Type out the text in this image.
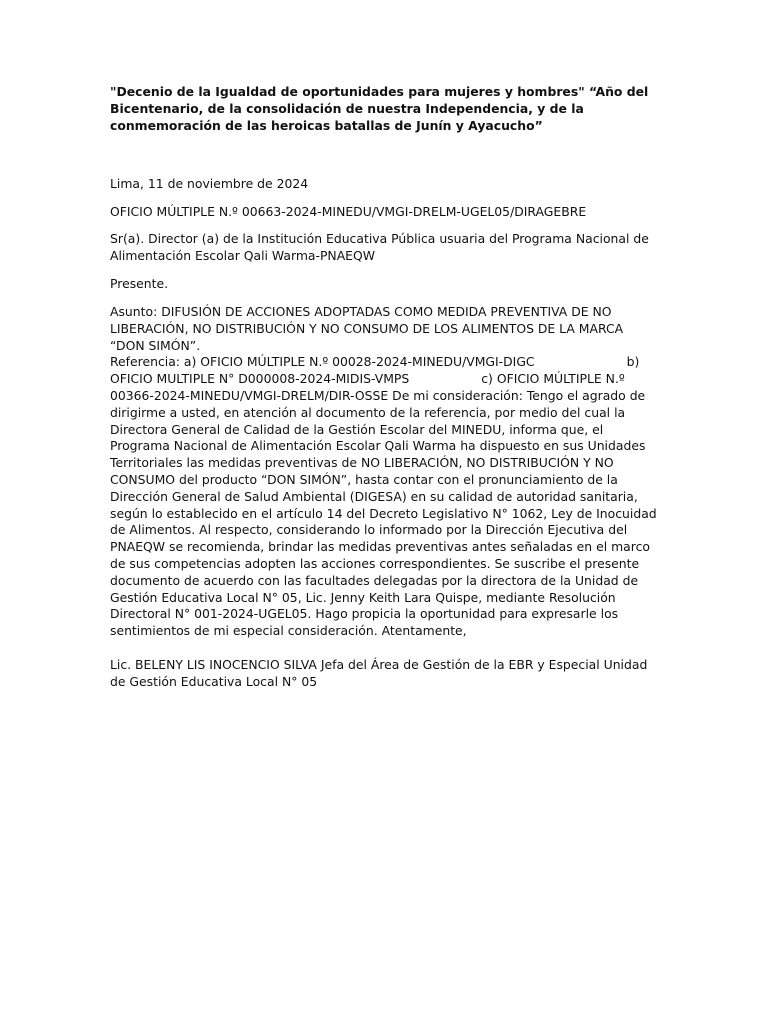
"Decenio de la Igualdad de oportunidades para mujeres y hombres" “Año del Bicentenario, de la consolidación de nuestra Independencia, y de la conmemoración de las heroicas batallas de Junín y Ayacucho”

Lima, 11 de noviembre de 2024

OFICIO MÚLTIPLE N.º 00663-2024-MINEDU/VMGI-DRELM-UGEL05/DIRAGEBRE

Sr(a). Director (a) de la Institución Educativa Pública usuaria del Programa Nacional de Alimentación Escolar Qali Warma-PNAEQW

Presente.

Asunto: DIFUSIÓN DE ACCIONES ADOPTADAS COMO MEDIDA PREVENTIVA DE NO LIBERACIÓN, NO DISTRIBUCIÓN Y NO CONSUMO DE LOS ALIMENTOS DE LA MARCA “DON SIMÓN”.
Referencia: a) OFICIO MÚLTIPLE N.º 00028-2024-MINEDU/VMGI-DIGC	b) OFICIO MULTIPLE N° D000008-2024-MIDIS-VMPS	c) OFICIO MÚLTIPLE N.º 00366-2024-MINEDU/VMGI-DRELM/DIR-OSSE De mi consideración: Tengo el agrado de dirigirme a usted, en atención al documento de la referencia, por medio del cual la Directora General de Calidad de la Gestión Escolar del MINEDU, informa que, el Programa Nacional de Alimentación Escolar Qali Warma ha dispuesto en sus Unidades Territoriales las medidas preventivas de NO LIBERACIÓN, NO DISTRIBUCIÓN Y NO CONSUMO del producto “DON SIMÓN”, hasta contar con el pronunciamiento de la Dirección General de Salud Ambiental (DIGESA) en su calidad de autoridad sanitaria, según lo establecido en el artículo 14 del Decreto Legislativo N° 1062, Ley de Inocuidad de Alimentos. Al respecto, considerando lo informado por la Dirección Ejecutiva del PNAEQW se recomienda, brindar las medidas preventivas antes señaladas en el marco de sus competencias adopten las acciones correspondientes. Se suscribe el presente documento de acuerdo con las facultades delegadas por la directora de la Unidad de Gestión Educativa Local N° 05, Lic. Jenny Keith Lara Quispe, mediante Resolución Directoral N° 001-2024-UGEL05. Hago propicia la oportunidad para expresarle los sentimientos de mi especial consideración. Atentamente,

Lic. BELENY LIS INOCENCIO SILVA Jefa del Área de Gestión de la EBR y Especial Unidad de Gestión Educativa Local N° 05
